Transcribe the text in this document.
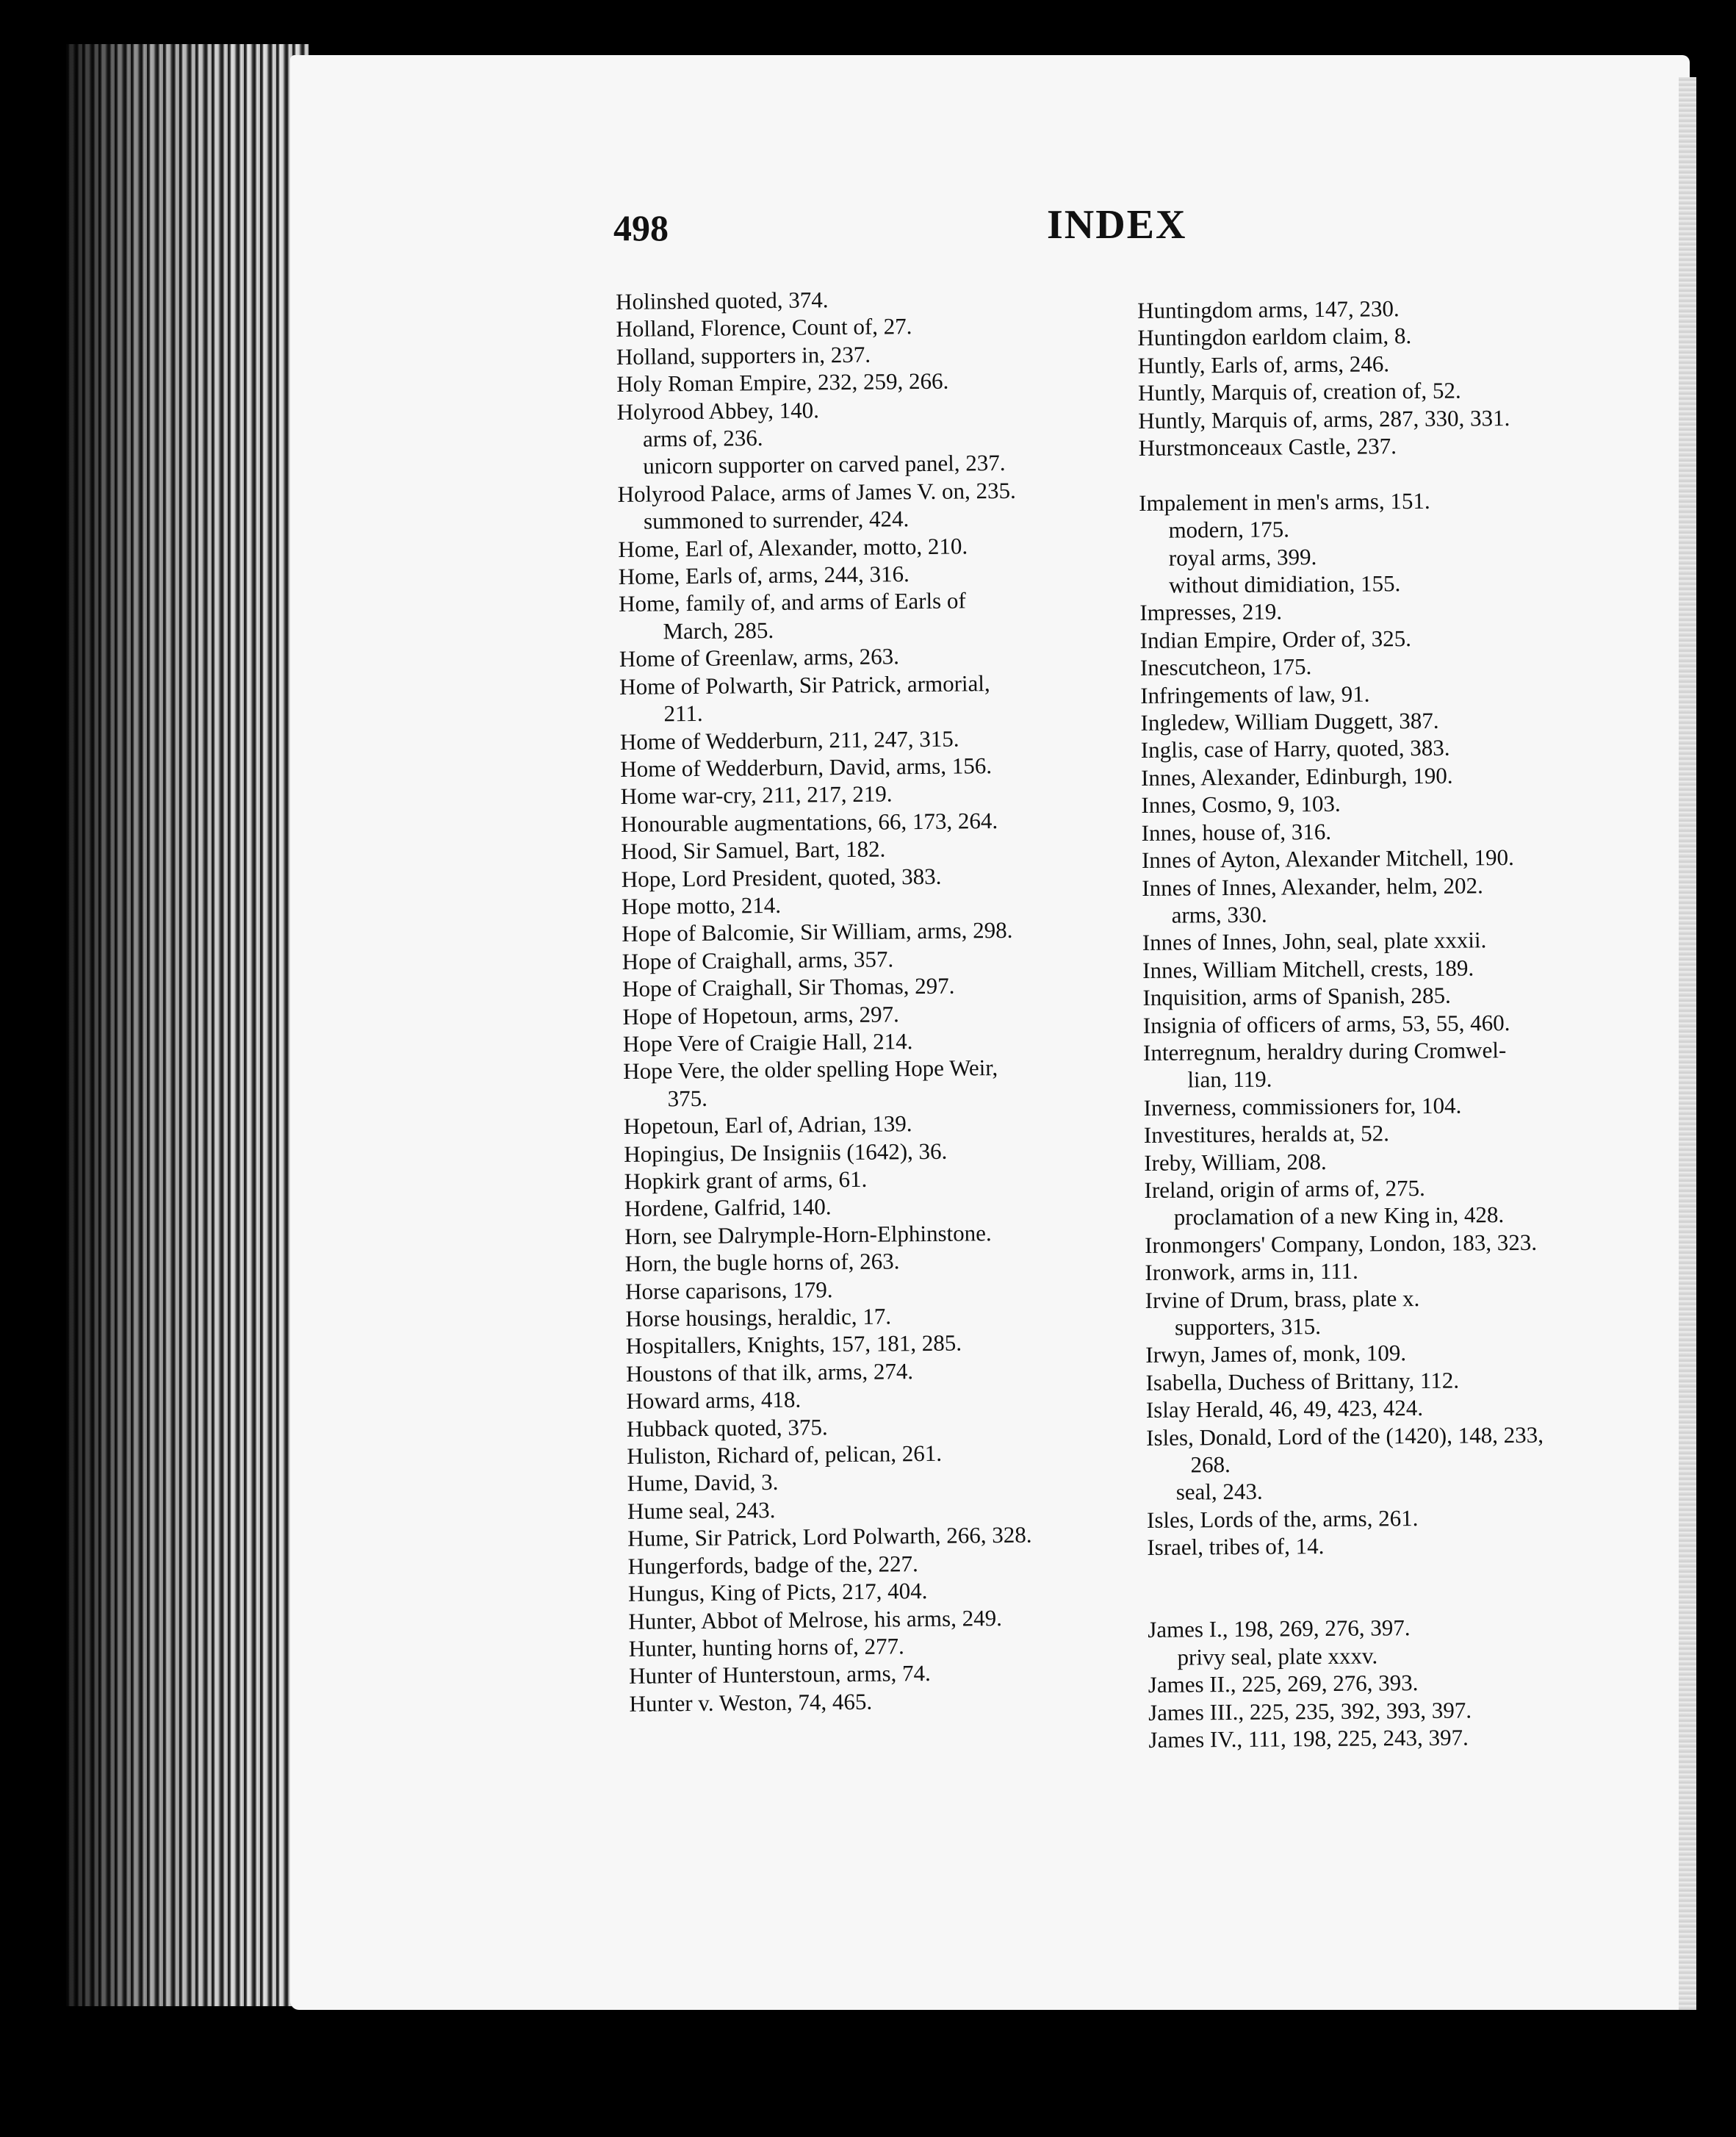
498	INDEX
Holinshed quoted, 374.
Holland, Florence, Count of, 27.
Holland, supporters in, 237.
Holy Roman Empire, 232, 259, 266.
Holyrood Abbey, 140.
arms of, 236.
unicorn supporter on carved panel, 237.
Holyrood Palace, arms of James V. on, 235.
summoned to surrender, 424.
Home, Earl of, Alexander, motto, 210.
Home, Earls of, arms, 244, 316.
Home, family of, and arms of Earls of
March, 285.
Home of Greenlaw, arms, 263.
Home of Polwarth, Sir Patrick, armorial,
211.
Home of Wedderburn, 211, 247, 315.
Home of Wedderburn, David, arms, 156.
Home war-cry, 211, 217, 219.
Honourable augmentations, 66, 173, 264.
Hood, Sir Samuel, Bart, 182.
Hope, Lord President, quoted, 383.
Hope motto, 214.
Hope of Balcomie, Sir William, arms, 298.
Hope of Craighall, arms, 357.
Hope of Craighall, Sir Thomas, 297.
Hope of Hopetoun, arms, 297.
Hope Vere of Craigie Hall, 214.
Hope Vere, the older spelling Hope Weir,
375.
Hopetoun, Earl of, Adrian, 139.
Hopingius, De Insigniis (1642), 36.
Hopkirk grant of arms, 61.
Hordene, Galfrid, 140.
Horn, see Dalrymple-Horn-Elphinstone.
Horn, the bugle horns of, 263.
Horse caparisons, 179.
Horse housings, heraldic, 17.
Hospitallers, Knights, 157, 181, 285.
Houstons of that ilk, arms, 274.
Howard arms, 418.
Hubback quoted, 375.
Huliston, Richard of, pelican, 261.
Hume, David, 3.
Hume seal, 243.
Hume, Sir Patrick, Lord Polwarth, 266, 328.
Hungerfords, badge of the, 227.
Hungus, King of Picts, 217, 404.
Hunter, Abbot of Melrose, his arms, 249.
Hunter, hunting horns of, 277.
Hunter of Hunterstoun, arms, 74.
Hunter v. Weston, 74, 465.
Huntingdom arms, 147, 230.
Huntingdon earldom claim, 8.
Huntly, Earls of, arms, 246.
Huntly, Marquis of, creation of, 52.
Huntly, Marquis of, arms, 287, 330, 331.
Hurstmonceaux Castle, 237.
Impalement in men's arms, 151.
modern, 175.
royal arms, 399.
without dimidiation, 155.
Impresses, 219.
Indian Empire, Order of, 325.
Inescutcheon, 175.
Infringements of law, 91.
Ingledew, William Duggett, 387.
Inglis, case of Harry, quoted, 383.
Innes, Alexander, Edinburgh, 190.
Innes, Cosmo, 9, 103.
Innes, house of, 316.
Innes of Ayton, Alexander Mitchell, 190.
Innes of Innes, Alexander, helm, 202.
arms, 330.
Innes of Innes, John, seal, plate xxxii.
Innes, William Mitchell, crests, 189.
Inquisition, arms of Spanish, 285.
Insignia of officers of arms, 53, 55, 460.
Interregnum, heraldry during Cromwel-
lian, 119.
Inverness, commissioners for, 104.
Investitures, heralds at, 52.
Ireby, William, 208.
Ireland, origin of arms of, 275.
proclamation of a new King in, 428.
Ironmongers' Company, London, 183, 323.
Ironwork, arms in, 111.
Irvine of Drum, brass, plate x.
supporters, 315.
Irwyn, James of, monk, 109.
Isabella, Duchess of Brittany, 112.
Islay Herald, 46, 49, 423, 424.
Isles, Donald, Lord of the (1420), 148, 233,
268.
seal, 243.
Isles, Lords of the, arms, 261.
Israel, tribes of, 14.
James I., 198, 269, 276, 397.
privy seal, plate xxxv.
James II., 225, 269, 276, 393.
James III., 225, 235, 392, 393, 397.
James IV., 111, 198, 225, 243, 397.
